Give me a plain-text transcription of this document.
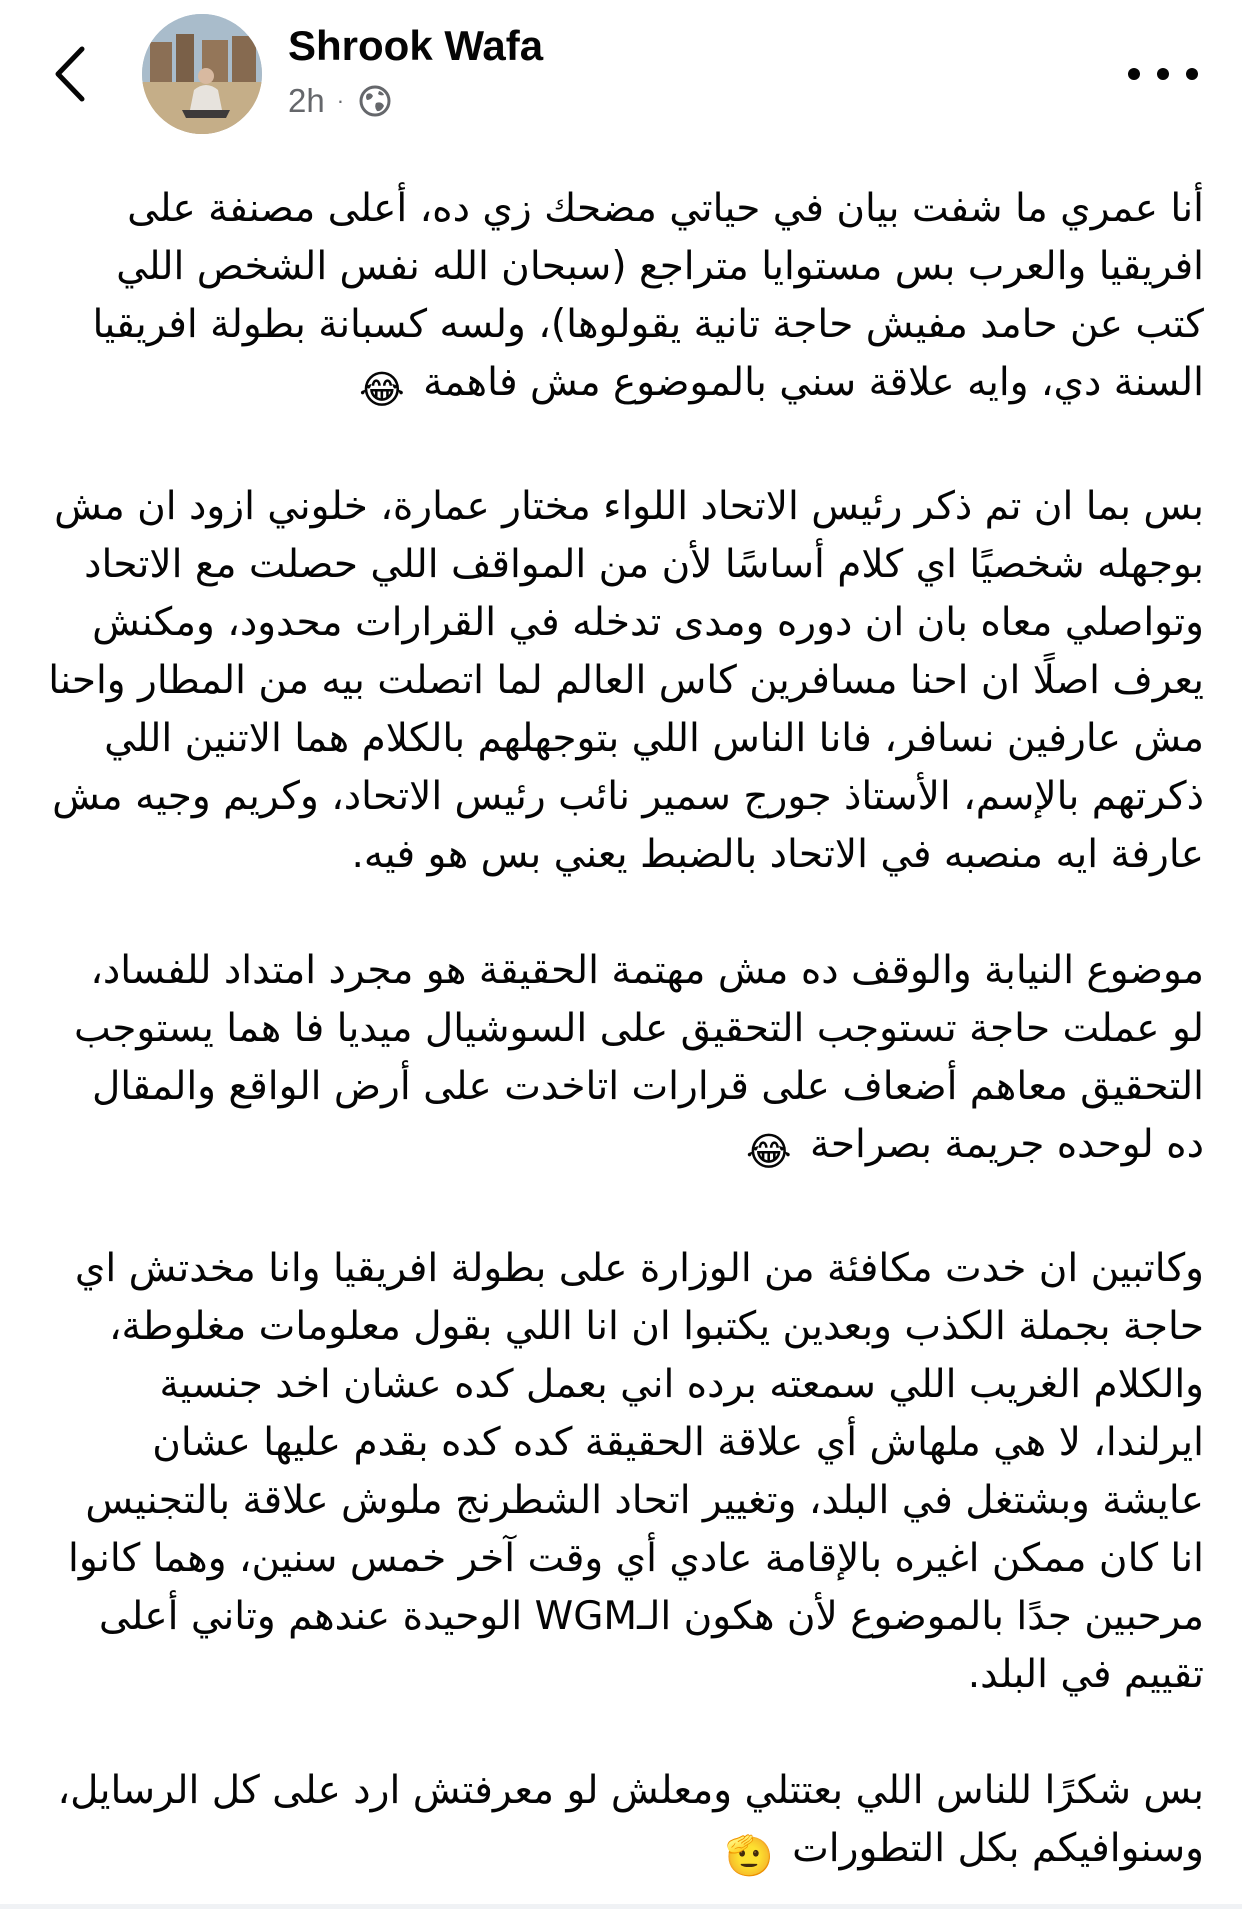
Shrook Wafa
2h ·

أنا عمري ما شفت بيان في حياتي مضحك زي ده، أعلى مصنفة على افريقيا والعرب بس مستوايا متراجع (سبحان الله نفس الشخص اللي كتب عن حامد مفيش حاجة تانية يقولوها)، ولسه كسبانة بطولة افريقيا السنة دي، وايه علاقة سني بالموضوع مش فاهمة 😂

بس بما ان تم ذكر رئيس الاتحاد اللواء مختار عمارة، خلوني ازود ان مش بوجهله شخصيًا اي كلام أساسًا لأن من المواقف اللي حصلت مع الاتحاد وتواصلي معاه بان ان دوره ومدى تدخله في القرارات محدود، ومكنش يعرف اصلًا ان احنا مسافرين كاس العالم لما اتصلت بيه من المطار واحنا مش عارفين نسافر، فانا الناس اللي بتوجهلهم بالكلام هما الاتنين اللي ذكرتهم بالإسم، الأستاذ جورج سمير نائب رئيس الاتحاد، وكريم وجيه مش عارفة ايه منصبه في الاتحاد بالضبط يعني بس هو فيه.

موضوع النيابة والوقف ده مش مهتمة الحقيقة هو مجرد امتداد للفساد، لو عملت حاجة تستوجب التحقيق على السوشيال ميديا فا هما يستوجب التحقيق معاهم أضعاف على قرارات اتاخدت على أرض الواقع والمقال ده لوحده جريمة بصراحة 😂

وكاتبين ان خدت مكافئة من الوزارة على بطولة افريقيا وانا مخدتش اي حاجة بجملة الكذب وبعدين يكتبوا ان انا اللي بقول معلومات مغلوطة، والكلام الغريب اللي سمعته برده اني بعمل كده عشان اخد جنسية ايرلندا، لا هي ملهاش أي علاقة الحقيقة كده كده بقدم عليها عشان عايشة وبشتغل في البلد، وتغيير اتحاد الشطرنج ملوش علاقة بالتجنيس انا كان ممكن اغيره بالإقامة عادي أي وقت آخر خمس سنين، وهما كانوا مرحبين جدًا بالموضوع لأن هكون الـWGM الوحيدة عندهم وتاني أعلى تقييم في البلد.

بس شكرًا للناس اللي بعتتلي ومعلش لو معرفتش ارد على كل الرسايل، وسنوافيكم بكل التطورات 🫡
